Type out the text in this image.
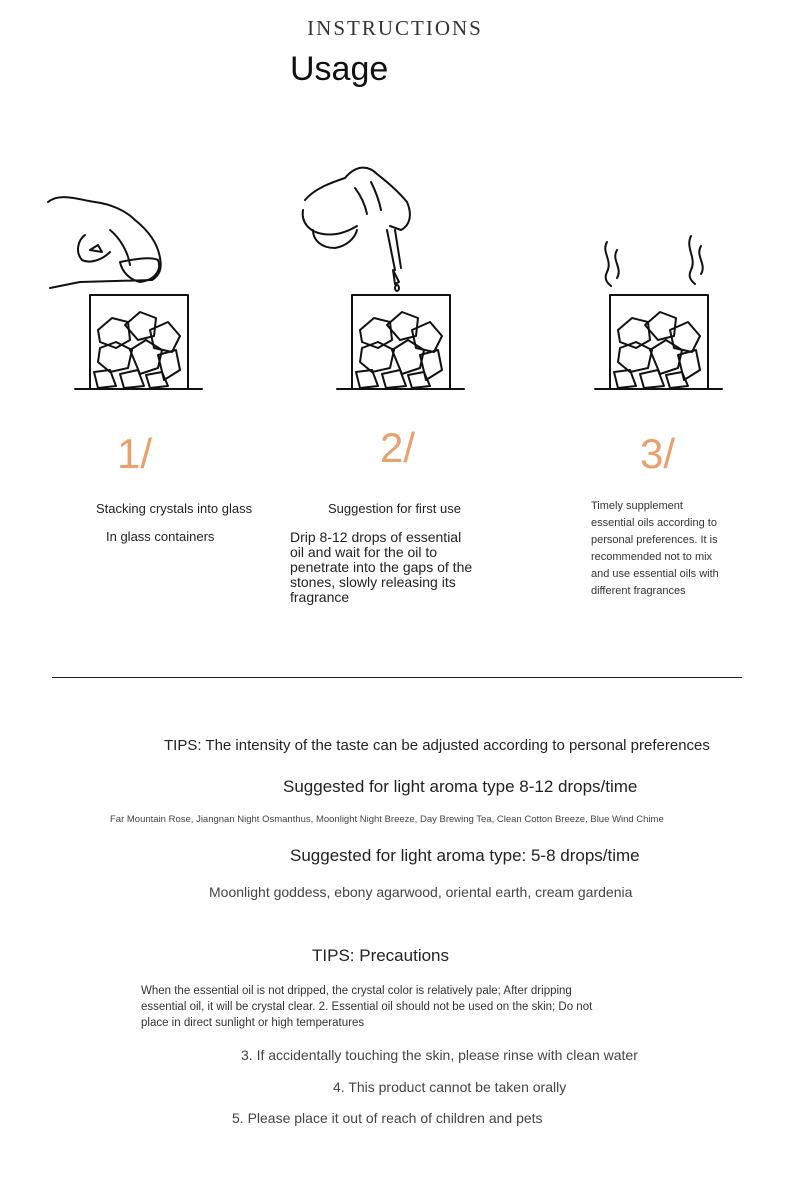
INSTRUCTIONS
Usage
1/	2/	3/
Stacking crystals into glass
In glass containers
Suggestion for first use
Drip 8-12 drops of essential
oil and wait for the oil to
penetrate into the gaps of the
stones, slowly releasing its
fragrance
Timely supplement
essential oils according to
personal preferences. It is
recommended not to mix
and use essential oils with
different fragrances
TIPS: The intensity of the taste can be adjusted according to personal preferences
Suggested for light aroma type 8-12 drops/time
Far Mountain Rose, Jiangnan Night Osmanthus, Moonlight Night Breeze, Day Brewing Tea, Clean Cotton Breeze, Blue Wind Chime
Suggested for light aroma type: 5-8 drops/time
Moonlight goddess, ebony agarwood, oriental earth, cream gardenia
TIPS: Precautions
When the essential oil is not dripped, the crystal color is relatively pale; After dripping
essential oil, it will be crystal clear. 2. Essential oil should not be used on the skin; Do not
place in direct sunlight or high temperatures
3. If accidentally touching the skin, please rinse with clean water
4. This product cannot be taken orally
5. Please place it out of reach of children and pets
